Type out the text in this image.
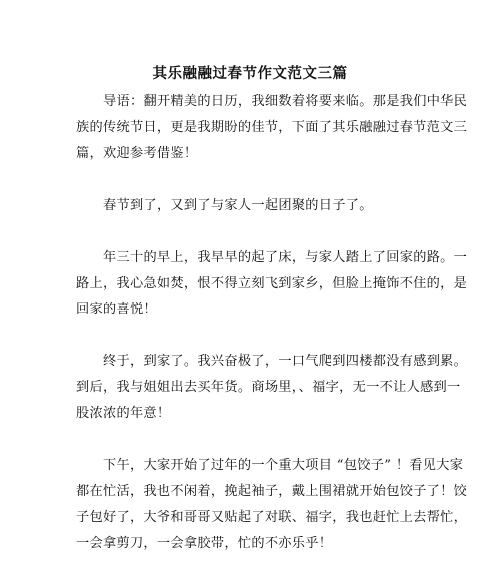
其乐融融过春节作文范文三篇
导语：翻开精美的日历，我细数着将要来临。那是我们中华民
族的传统节日，更是我期盼的佳节，下面了其乐融融过春节范文三
篇，欢迎参考借鉴！
春节到了，又到了与家人一起团聚的日子了。
年三十的早上，我早早的起了床，与家人踏上了回家的路。一
路上，我心急如焚，恨不得立刻飞到家乡，但脸上掩饰不住的，是
回家的喜悦！
终于，到家了。我兴奋极了，一口气爬到四楼都没有感到累。
到后，我与姐姐出去买年货。商场里，、福字，无一不让人感到一
股浓浓的年意！
下午，大家开始了过年的一个重大项目 “包饺子” ！看见大家
都在忙活，我也不闲着，挽起袖子，戴上围裙就开始包饺子了！饺
子包好了，大爷和哥哥又贴起了对联、福字，我也赶忙上去帮忙，
一会拿剪刀，一会拿胶带，忙的不亦乐乎！
